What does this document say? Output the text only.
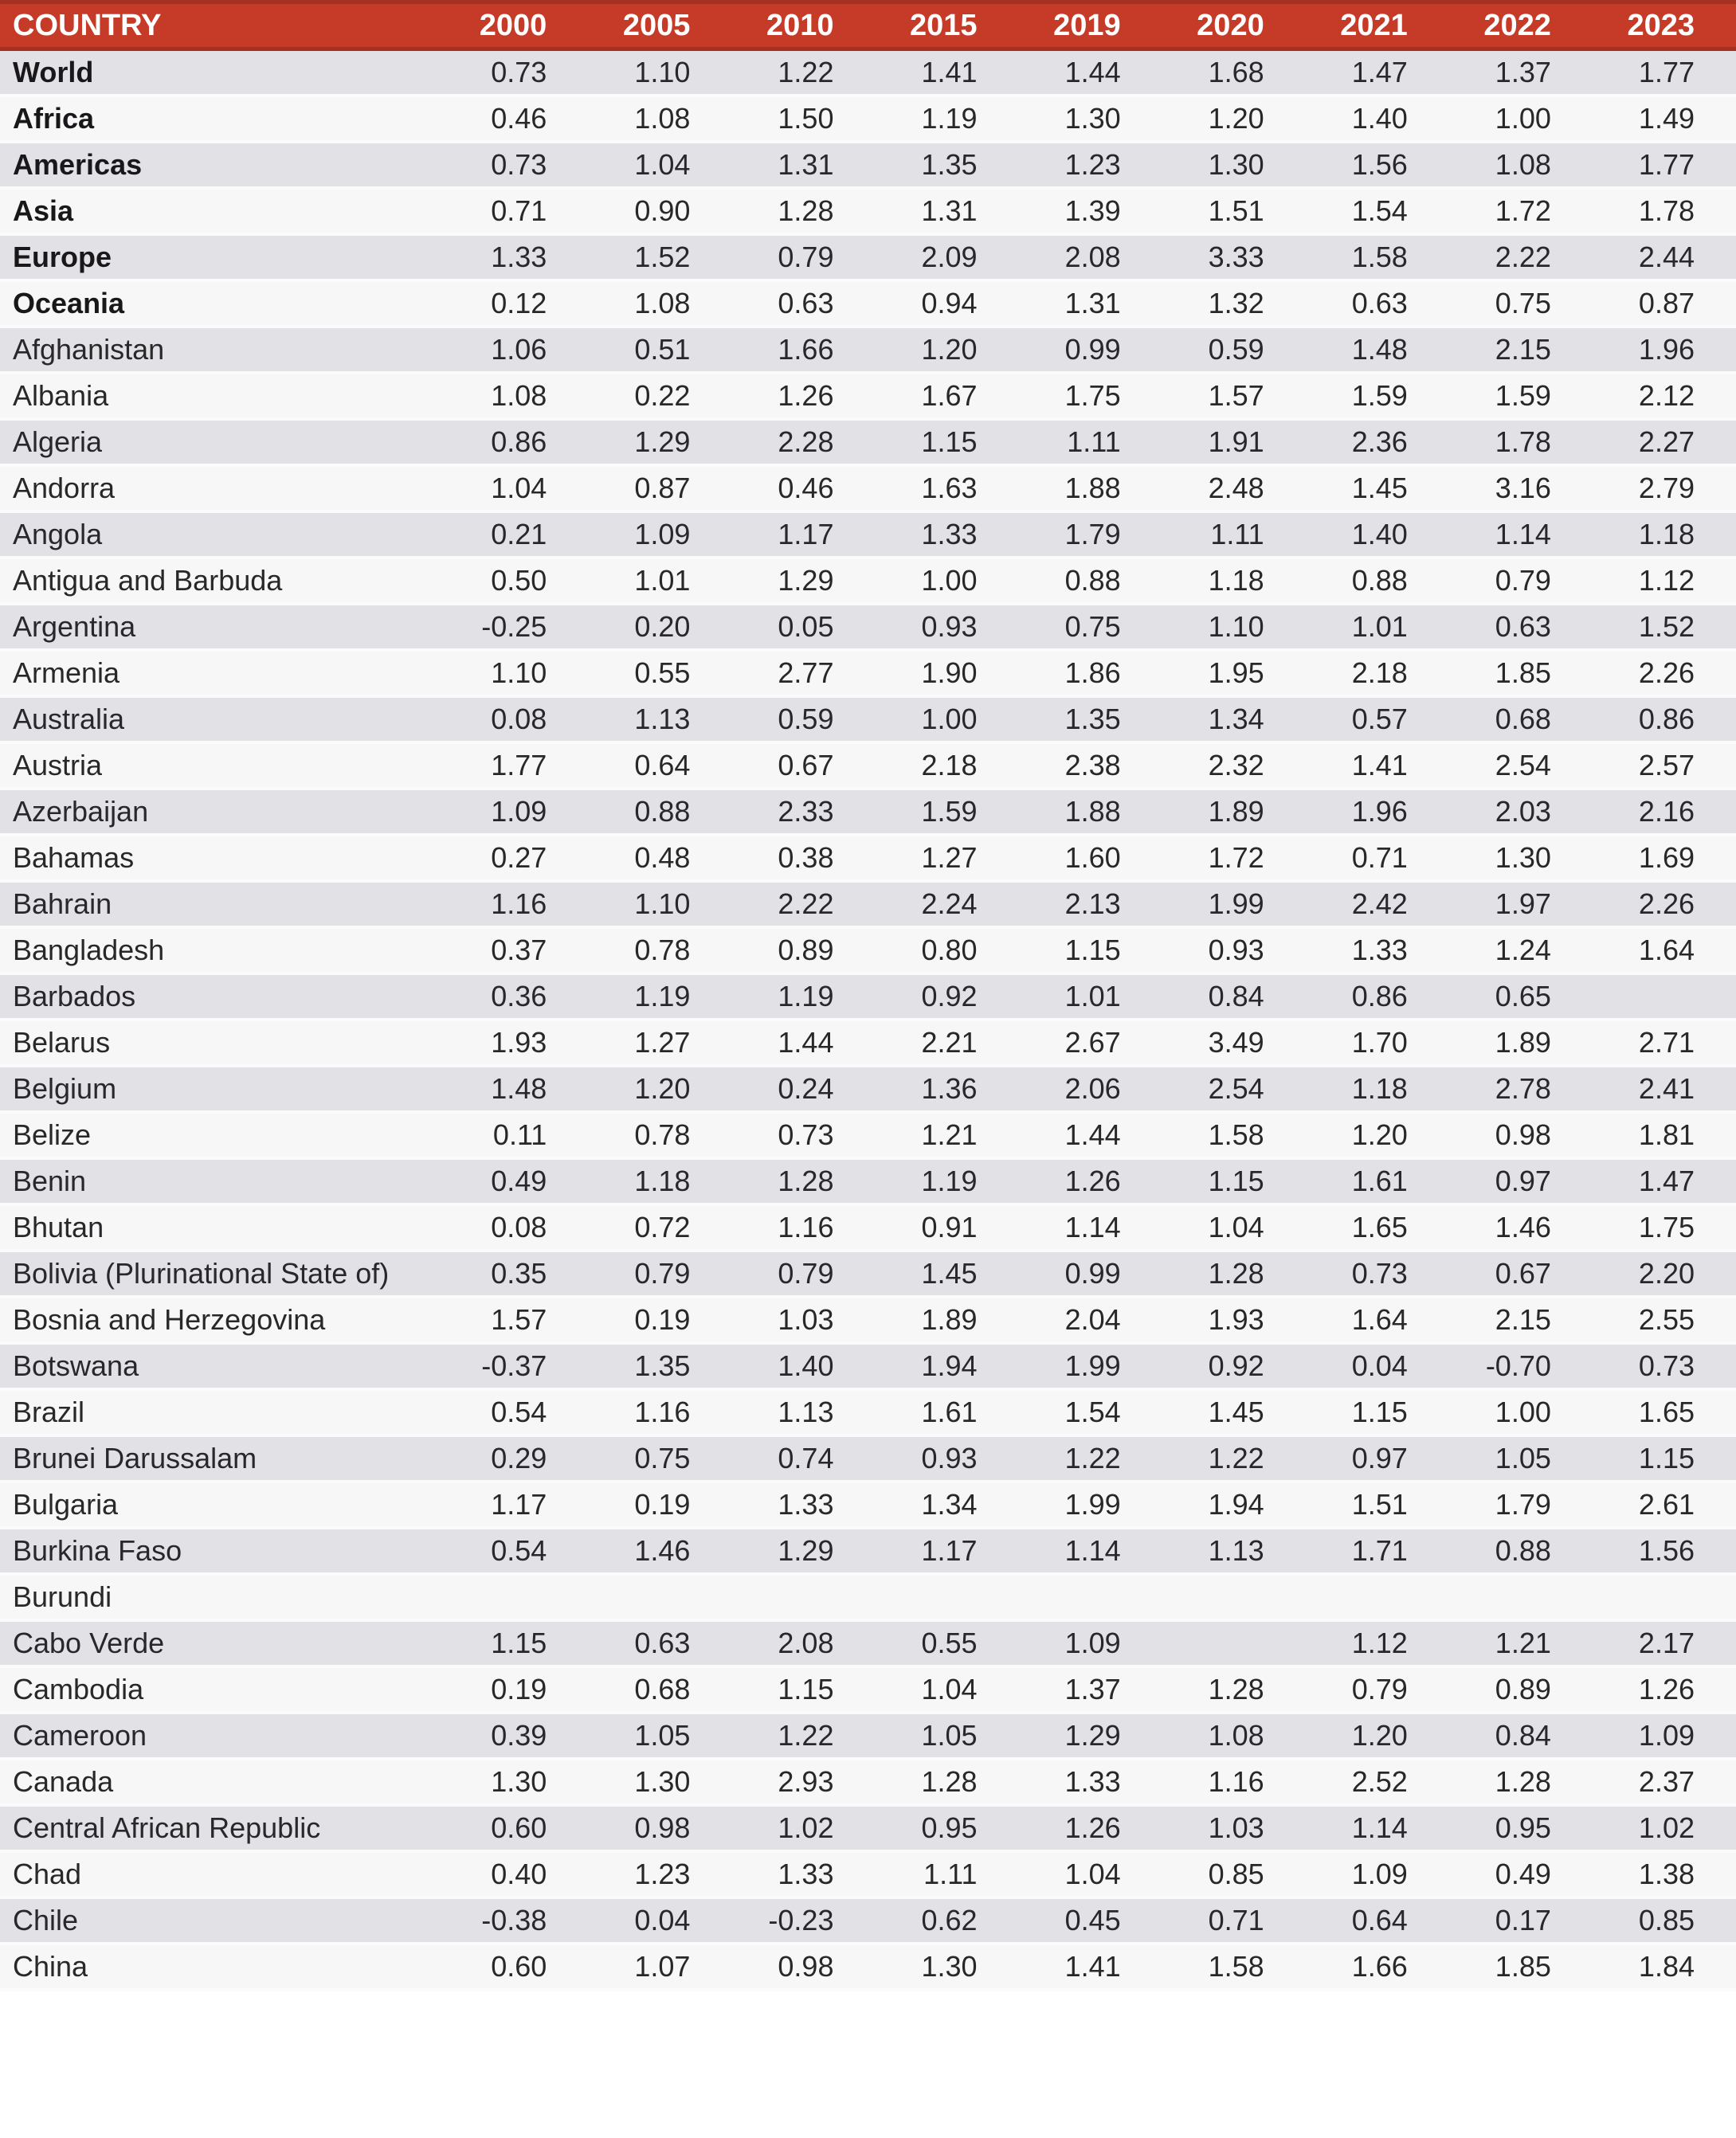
COUNTRY	2000	2005	2010	2015	2019	2020	2021	2022	2023
World	0.73	1.10	1.22	1.41	1.44	1.68	1.47	1.37	1.77
Africa	0.46	1.08	1.50	1.19	1.30	1.20	1.40	1.00	1.49
Americas	0.73	1.04	1.31	1.35	1.23	1.30	1.56	1.08	1.77
Asia	0.71	0.90	1.28	1.31	1.39	1.51	1.54	1.72	1.78
Europe	1.33	1.52	0.79	2.09	2.08	3.33	1.58	2.22	2.44
Oceania	0.12	1.08	0.63	0.94	1.31	1.32	0.63	0.75	0.87
Afghanistan	1.06	0.51	1.66	1.20	0.99	0.59	1.48	2.15	1.96
Albania	1.08	0.22	1.26	1.67	1.75	1.57	1.59	1.59	2.12
Algeria	0.86	1.29	2.28	1.15	1.11	1.91	2.36	1.78	2.27
Andorra	1.04	0.87	0.46	1.63	1.88	2.48	1.45	3.16	2.79
Angola	0.21	1.09	1.17	1.33	1.79	1.11	1.40	1.14	1.18
Antigua and Barbuda	0.50	1.01	1.29	1.00	0.88	1.18	0.88	0.79	1.12
Argentina	-0.25	0.20	0.05	0.93	0.75	1.10	1.01	0.63	1.52
Armenia	1.10	0.55	2.77	1.90	1.86	1.95	2.18	1.85	2.26
Australia	0.08	1.13	0.59	1.00	1.35	1.34	0.57	0.68	0.86
Austria	1.77	0.64	0.67	2.18	2.38	2.32	1.41	2.54	2.57
Azerbaijan	1.09	0.88	2.33	1.59	1.88	1.89	1.96	2.03	2.16
Bahamas	0.27	0.48	0.38	1.27	1.60	1.72	0.71	1.30	1.69
Bahrain	1.16	1.10	2.22	2.24	2.13	1.99	2.42	1.97	2.26
Bangladesh	0.37	0.78	0.89	0.80	1.15	0.93	1.33	1.24	1.64
Barbados	0.36	1.19	1.19	0.92	1.01	0.84	0.86	0.65	
Belarus	1.93	1.27	1.44	2.21	2.67	3.49	1.70	1.89	2.71
Belgium	1.48	1.20	0.24	1.36	2.06	2.54	1.18	2.78	2.41
Belize	0.11	0.78	0.73	1.21	1.44	1.58	1.20	0.98	1.81
Benin	0.49	1.18	1.28	1.19	1.26	1.15	1.61	0.97	1.47
Bhutan	0.08	0.72	1.16	0.91	1.14	1.04	1.65	1.46	1.75
Bolivia (Plurinational State of)	0.35	0.79	0.79	1.45	0.99	1.28	0.73	0.67	2.20
Bosnia and Herzegovina	1.57	0.19	1.03	1.89	2.04	1.93	1.64	2.15	2.55
Botswana	-0.37	1.35	1.40	1.94	1.99	0.92	0.04	-0.70	0.73
Brazil	0.54	1.16	1.13	1.61	1.54	1.45	1.15	1.00	1.65
Brunei Darussalam	0.29	0.75	0.74	0.93	1.22	1.22	0.97	1.05	1.15
Bulgaria	1.17	0.19	1.33	1.34	1.99	1.94	1.51	1.79	2.61
Burkina Faso	0.54	1.46	1.29	1.17	1.14	1.13	1.71	0.88	1.56
Burundi									
Cabo Verde	1.15	0.63	2.08	0.55	1.09		1.12	1.21	2.17
Cambodia	0.19	0.68	1.15	1.04	1.37	1.28	0.79	0.89	1.26
Cameroon	0.39	1.05	1.22	1.05	1.29	1.08	1.20	0.84	1.09
Canada	1.30	1.30	2.93	1.28	1.33	1.16	2.52	1.28	2.37
Central African Republic	0.60	0.98	1.02	0.95	1.26	1.03	1.14	0.95	1.02
Chad	0.40	1.23	1.33	1.11	1.04	0.85	1.09	0.49	1.38
Chile	-0.38	0.04	-0.23	0.62	0.45	0.71	0.64	0.17	0.85
China	0.60	1.07	0.98	1.30	1.41	1.58	1.66	1.85	1.84
